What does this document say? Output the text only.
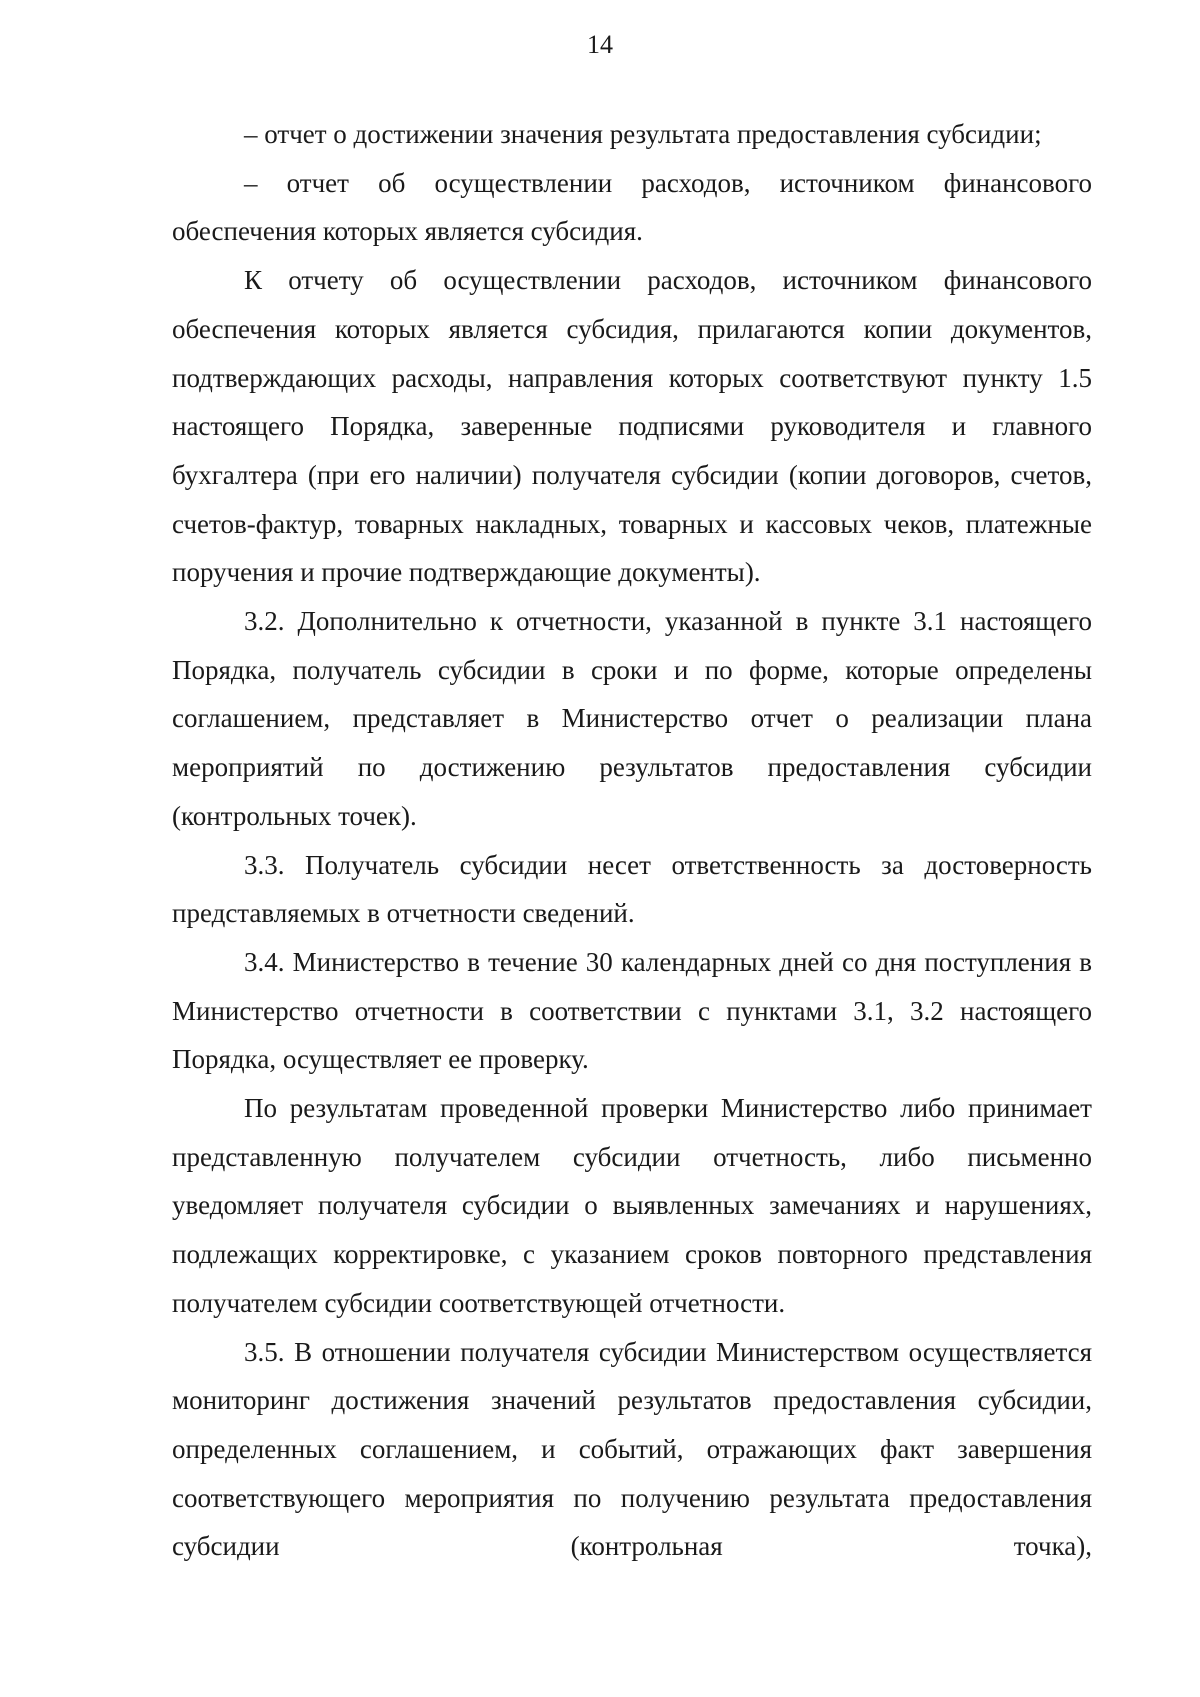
14

– отчет о достижении значения результата предоставления субсидии;

– отчет об осуществлении расходов, источником финансового обеспечения которых является субсидия.

К отчету об осуществлении расходов, источником финансового обеспечения которых является субсидия, прилагаются копии документов, подтверждающих расходы, направления которых соответствуют пункту 1.5 настоящего Порядка, заверенные подписями руководителя и главного бухгалтера (при его наличии) получателя субсидии (копии договоров, счетов, счетов-фактур, товарных накладных, товарных и кассовых чеков, платежные поручения и прочие подтверждающие документы).

3.2. Дополнительно к отчетности, указанной в пункте 3.1 настоящего Порядка, получатель субсидии в сроки и по форме, которые определены соглашением, представляет в Министерство отчет о реализации плана мероприятий по достижению результатов предоставления субсидии (контрольных точек).

3.3. Получатель субсидии несет ответственность за достоверность представляемых в отчетности сведений.

3.4. Министерство в течение 30 календарных дней со дня поступления в Министерство отчетности в соответствии с пунктами 3.1, 3.2 настоящего Порядка, осуществляет ее проверку.

По результатам проведенной проверки Министерство либо принимает представленную получателем субсидии отчетность, либо письменно уведомляет получателя субсидии о выявленных замечаниях и нарушениях, подлежащих корректировке, с указанием сроков повторного представления получателем субсидии соответствующей отчетности.

3.5. В отношении получателя субсидии Министерством осуществляется мониторинг достижения значений результатов предоставления субсидии, определенных соглашением, и событий, отражающих факт завершения соответствующего мероприятия по получению результата предоставления субсидии (контрольная точка),
